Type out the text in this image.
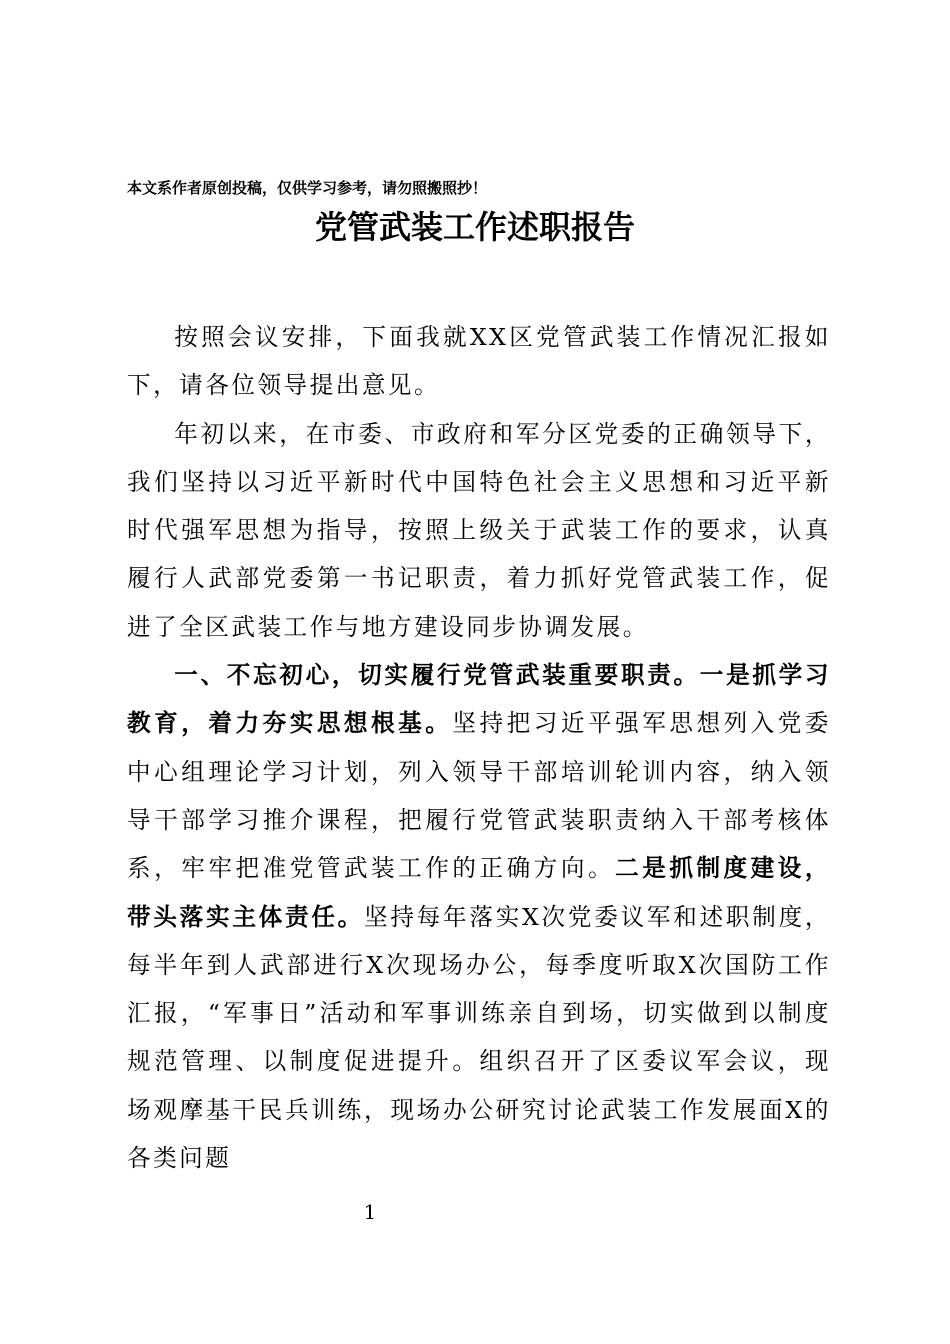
本文系作者原创投稿，仅供学习参考，请勿照搬照抄！
党管武装工作述职报告

按照会议安排，下面我就XX区党管武装工作情况汇报如下，请各位领导提出意见。

年初以来，在市委、市政府和军分区党委的正确领导下，我们坚持以习近平新时代中国特色社会主义思想和习近平新时代强军思想为指导，按照上级关于武装工作的要求，认真履行人武部党委第一书记职责，着力抓好党管武装工作，促进了全区武装工作与地方建设同步协调发展。

一、不忘初心，切实履行党管武装重要职责。一是抓学习教育，着力夯实思想根基。坚持把习近平强军思想列入党委中心组理论学习计划，列入领导干部培训轮训内容，纳入领导干部学习推介课程，把履行党管武装职责纳入干部考核体系，牢牢把准党管武装工作的正确方向。二是抓制度建设，带头落实主体责任。坚持每年落实X次党委议军和述职制度，每半年到人武部进行X次现场办公，每季度听取X次国防工作汇报，“军事日”活动和军事训练亲自到场，切实做到以制度规范管理、以制度促进提升。组织召开了区委议军会议，现场观摩基干民兵训练，现场办公研究讨论武装工作发展面X的各类问题

1
